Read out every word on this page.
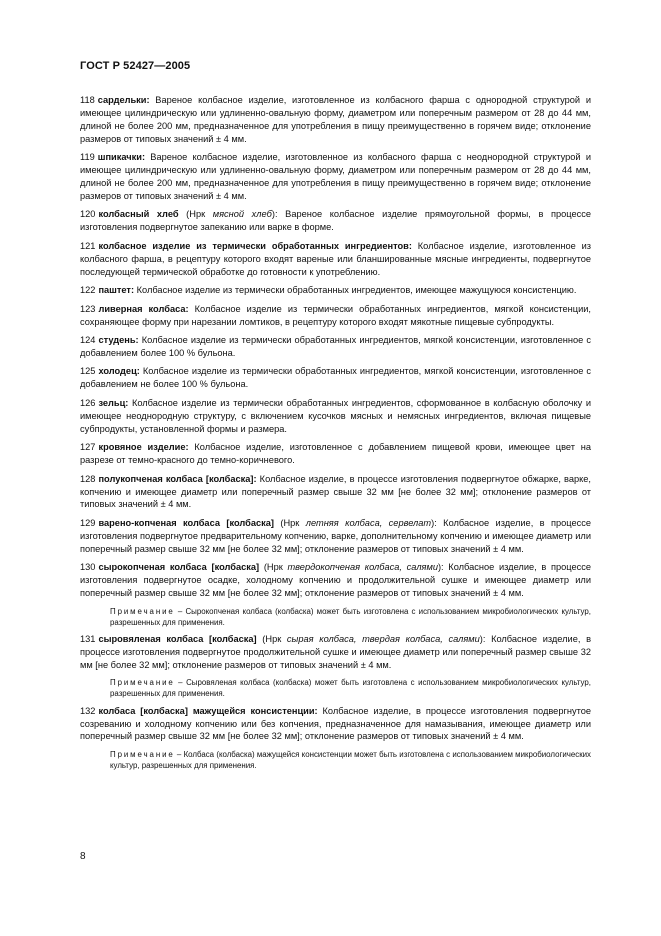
ГОСТ Р 52427—2005

118 сардельки: Вареное колбасное изделие, изготовленное из колбасного фарша с однородной структурой и имеющее цилиндрическую или удлиненно-овальную форму, диаметром или поперечным размером от 28 до 44 мм, длиной не более 200 мм, предназначенное для употребления в пищу преимущественно в горячем виде; отклонение размеров от типовых значений ± 4 мм.

119 шпикачки: Вареное колбасное изделие, изготовленное из колбасного фарша с неоднородной структурой и имеющее цилиндрическую или удлиненно-овальную форму, диаметром или поперечным размером от 28 до 44 мм, длиной не более 200 мм, предназначенное для употребления в пищу преимущественно в горячем виде; отклонение размеров от типовых значений ± 4 мм.

120 колбасный хлеб (Нрк мясной хлеб): Вареное колбасное изделие прямоугольной формы, в процессе изготовления подвергнутое запеканию или варке в форме.

121 колбасное изделие из термически обработанных ингредиентов: Колбасное изделие, изготовленное из колбасного фарша, в рецептуру которого входят вареные или бланшированные мясные ингредиенты, подвергнутое последующей термической обработке до готовности к употреблению.

122 паштет: Колбасное изделие из термически обработанных ингредиентов, имеющее мажущуюся консистенцию.

123 ливерная колбаса: Колбасное изделие из термически обработанных ингредиентов, мягкой консистенции, сохраняющее форму при нарезании ломтиков, в рецептуру которого входят мякотные пищевые субпродукты.

124 студень: Колбасное изделие из термически обработанных ингредиентов, мягкой консистенции, изготовленное с добавлением более 100 % бульона.

125 холодец: Колбасное изделие из термически обработанных ингредиентов, мягкой консистенции, изготовленное с добавлением не более 100 % бульона.

126 зельц: Колбасное изделие из термически обработанных ингредиентов, сформованное в колбасную оболочку и имеющее неоднородную структуру, с включением кусочков мясных и немясных ингредиентов, включая пищевые субпродукты, установленной формы и размера.

127 кровяное изделие: Колбасное изделие, изготовленное с добавлением пищевой крови, имеющее цвет на разрезе от темно-красного до темно-коричневого.

128 полукопченая колбаса [колбаска]: Колбасное изделие, в процессе изготовления подвергнутое обжарке, варке, копчению и имеющее диаметр или поперечный размер свыше 32 мм [не более 32 мм]; отклонение размеров от типовых значений ± 4 мм.

129 варено-копченая колбаса [колбаска] (Нрк летняя колбаса, сервелат): Колбасное изделие, в процессе изготовления подвергнутое предварительному копчению, варке, дополнительному копчению и имеющее диаметр или поперечный размер свыше 32 мм [не более 32 мм]; отклонение размеров от типовых значений ± 4 мм.

130 сырокопченая колбаса [колбаска] (Нрк твердокопченая колбаса, салями): Колбасное изделие, в процессе изготовления подвергнутое осадке, холодному копчению и продолжительной сушке и имеющее диаметр или поперечный размер свыше 32 мм [не более 32 мм]; отклонение размеров от типовых значений ± 4 мм.

Примечание – Сырокопченая колбаса (колбаска) может быть изготовлена с использованием микробиологических культур, разрешенных для применения.

131 сыровяленая колбаса [колбаска] (Нрк сырая колбаса, твердая колбаса, салями): Колбасное изделие, в процессе изготовления подвергнутое продолжительной сушке и имеющее диаметр или поперечный размер свыше 32 мм [не более 32 мм]; отклонение размеров от типовых значений ± 4 мм.

Примечание – Сыровяленая колбаса (колбаска) может быть изготовлена с использованием микробиологических культур, разрешенных для применения.

132 колбаса [колбаска] мажущейся консистенции: Колбасное изделие, в процессе изготовления подвергнутое созреванию и холодному копчению или без копчения, предназначенное для намазывания, имеющее диаметр или поперечный размер свыше 32 мм [не более 32 мм]; отклонение размеров от типовых значений ± 4 мм.

Примечание – Колбаса (колбаска) мажущейся консистенции может быть изготовлена с использованием микробиологических культур, разрешенных для применения.

8
